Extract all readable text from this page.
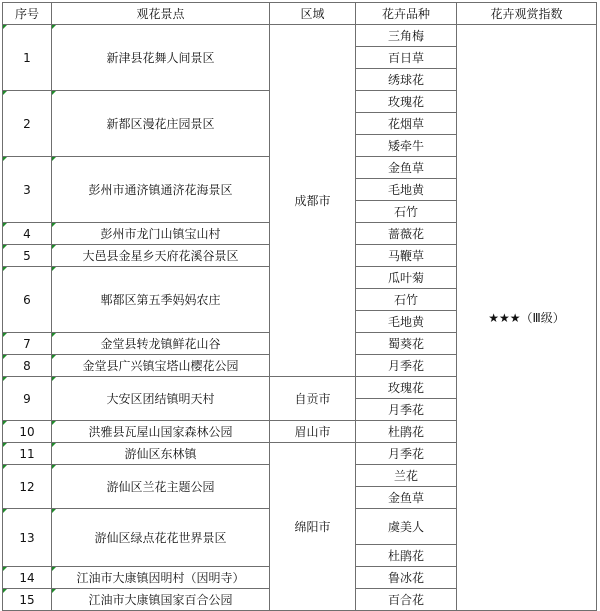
序号	观花景点	区域	花卉品种	花卉观赏指数
1	新津县花舞人间景区	成都市	三角梅	★★★（Ⅲ级）
			百日草	
			绣球花	
2	新都区漫花庄园景区		玫瑰花	
			花烟草	
			矮牵牛	
3	彭州市通济镇通济花海景区		金鱼草	
			毛地黄	
			石竹	
4	彭州市龙门山镇宝山村		蔷薇花	
5	大邑县金星乡天府花溪谷景区		马鞭草	
6	郫都区第五季妈妈农庄		瓜叶菊	
			石竹	
			毛地黄	
7	金堂县转龙镇鲜花山谷		蜀葵花	
8	金堂县广兴镇宝塔山樱花公园		月季花	
9	大安区团结镇明天村	自贡市	玫瑰花	
			月季花	
10	洪雅县瓦屋山国家森林公园	眉山市	杜鹃花	
11	游仙区东林镇	绵阳市	月季花	
12	游仙区兰花主题公园		兰花	
			金鱼草	
13	游仙区绿点花花世界景区		虞美人	
			杜鹃花	
14	江油市大康镇因明村（因明寺）		鲁冰花	
15	江油市大康镇国家百合公园		百合花	
